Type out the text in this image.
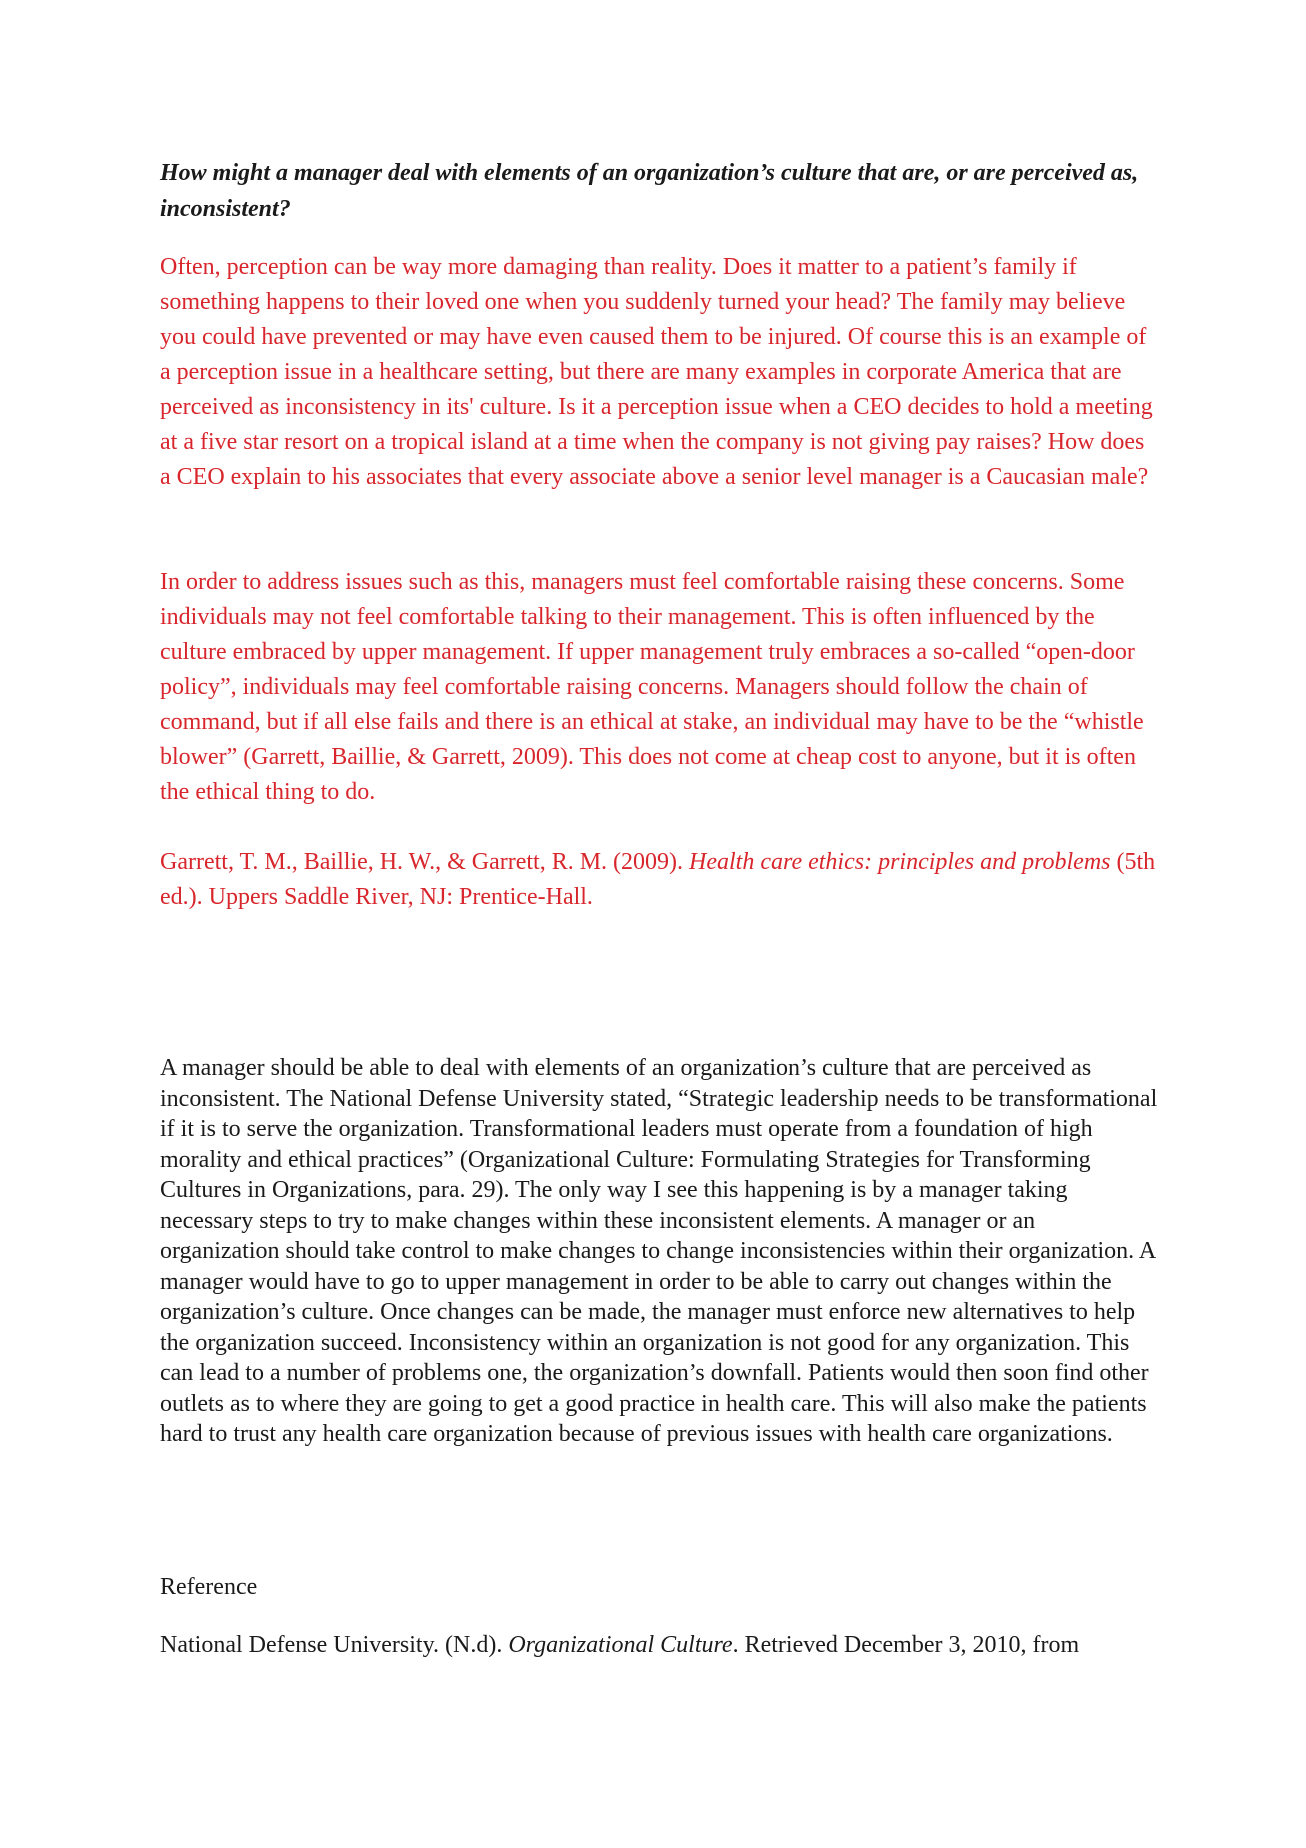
How might a manager deal with elements of an organization’s culture that are, or are perceived as, inconsistent?

Often, perception can be way more damaging than reality. Does it matter to a patient’s family if something happens to their loved one when you suddenly turned your head? The family may believe you could have prevented or may have even caused them to be injured. Of course this is an example of a perception issue in a healthcare setting, but there are many examples in corporate America that are perceived as inconsistency in its' culture. Is it a perception issue when a CEO decides to hold a meeting at a five star resort on a tropical island at a time when the company is not giving pay raises? How does a CEO explain to his associates that every associate above a senior level manager is a Caucasian male?

In order to address issues such as this, managers must feel comfortable raising these concerns. Some individuals may not feel comfortable talking to their management. This is often influenced by the culture embraced by upper management. If upper management truly embraces a so-called “open-door policy”, individuals may feel comfortable raising concerns. Managers should follow the chain of command, but if all else fails and there is an ethical at stake, an individual may have to be the “whistle blower” (Garrett, Baillie, & Garrett, 2009). This does not come at cheap cost to anyone, but it is often the ethical thing to do.

Garrett, T. M., Baillie, H. W., & Garrett, R. M. (2009). Health care ethics: principles and problems (5th ed.). Uppers Saddle River, NJ: Prentice-Hall.

A manager should be able to deal with elements of an organization’s culture that are perceived as inconsistent. The National Defense University stated, “Strategic leadership needs to be transformational if it is to serve the organization. Transformational leaders must operate from a foundation of high morality and ethical practices” (Organizational Culture: Formulating Strategies for Transforming Cultures in Organizations, para. 29). The only way I see this happening is by a manager taking necessary steps to try to make changes within these inconsistent elements. A manager or an organization should take control to make changes to change inconsistencies within their organization. A manager would have to go to upper management in order to be able to carry out changes within the organization’s culture. Once changes can be made, the manager must enforce new alternatives to help the organization succeed. Inconsistency within an organization is not good for any organization. This can lead to a number of problems one, the organization’s downfall. Patients would then soon find other outlets as to where they are going to get a good practice in health care. This will also make the patients hard to trust any health care organization because of previous issues with health care organizations.

Reference

National Defense University. (N.d). Organizational Culture. Retrieved December 3, 2010, from
